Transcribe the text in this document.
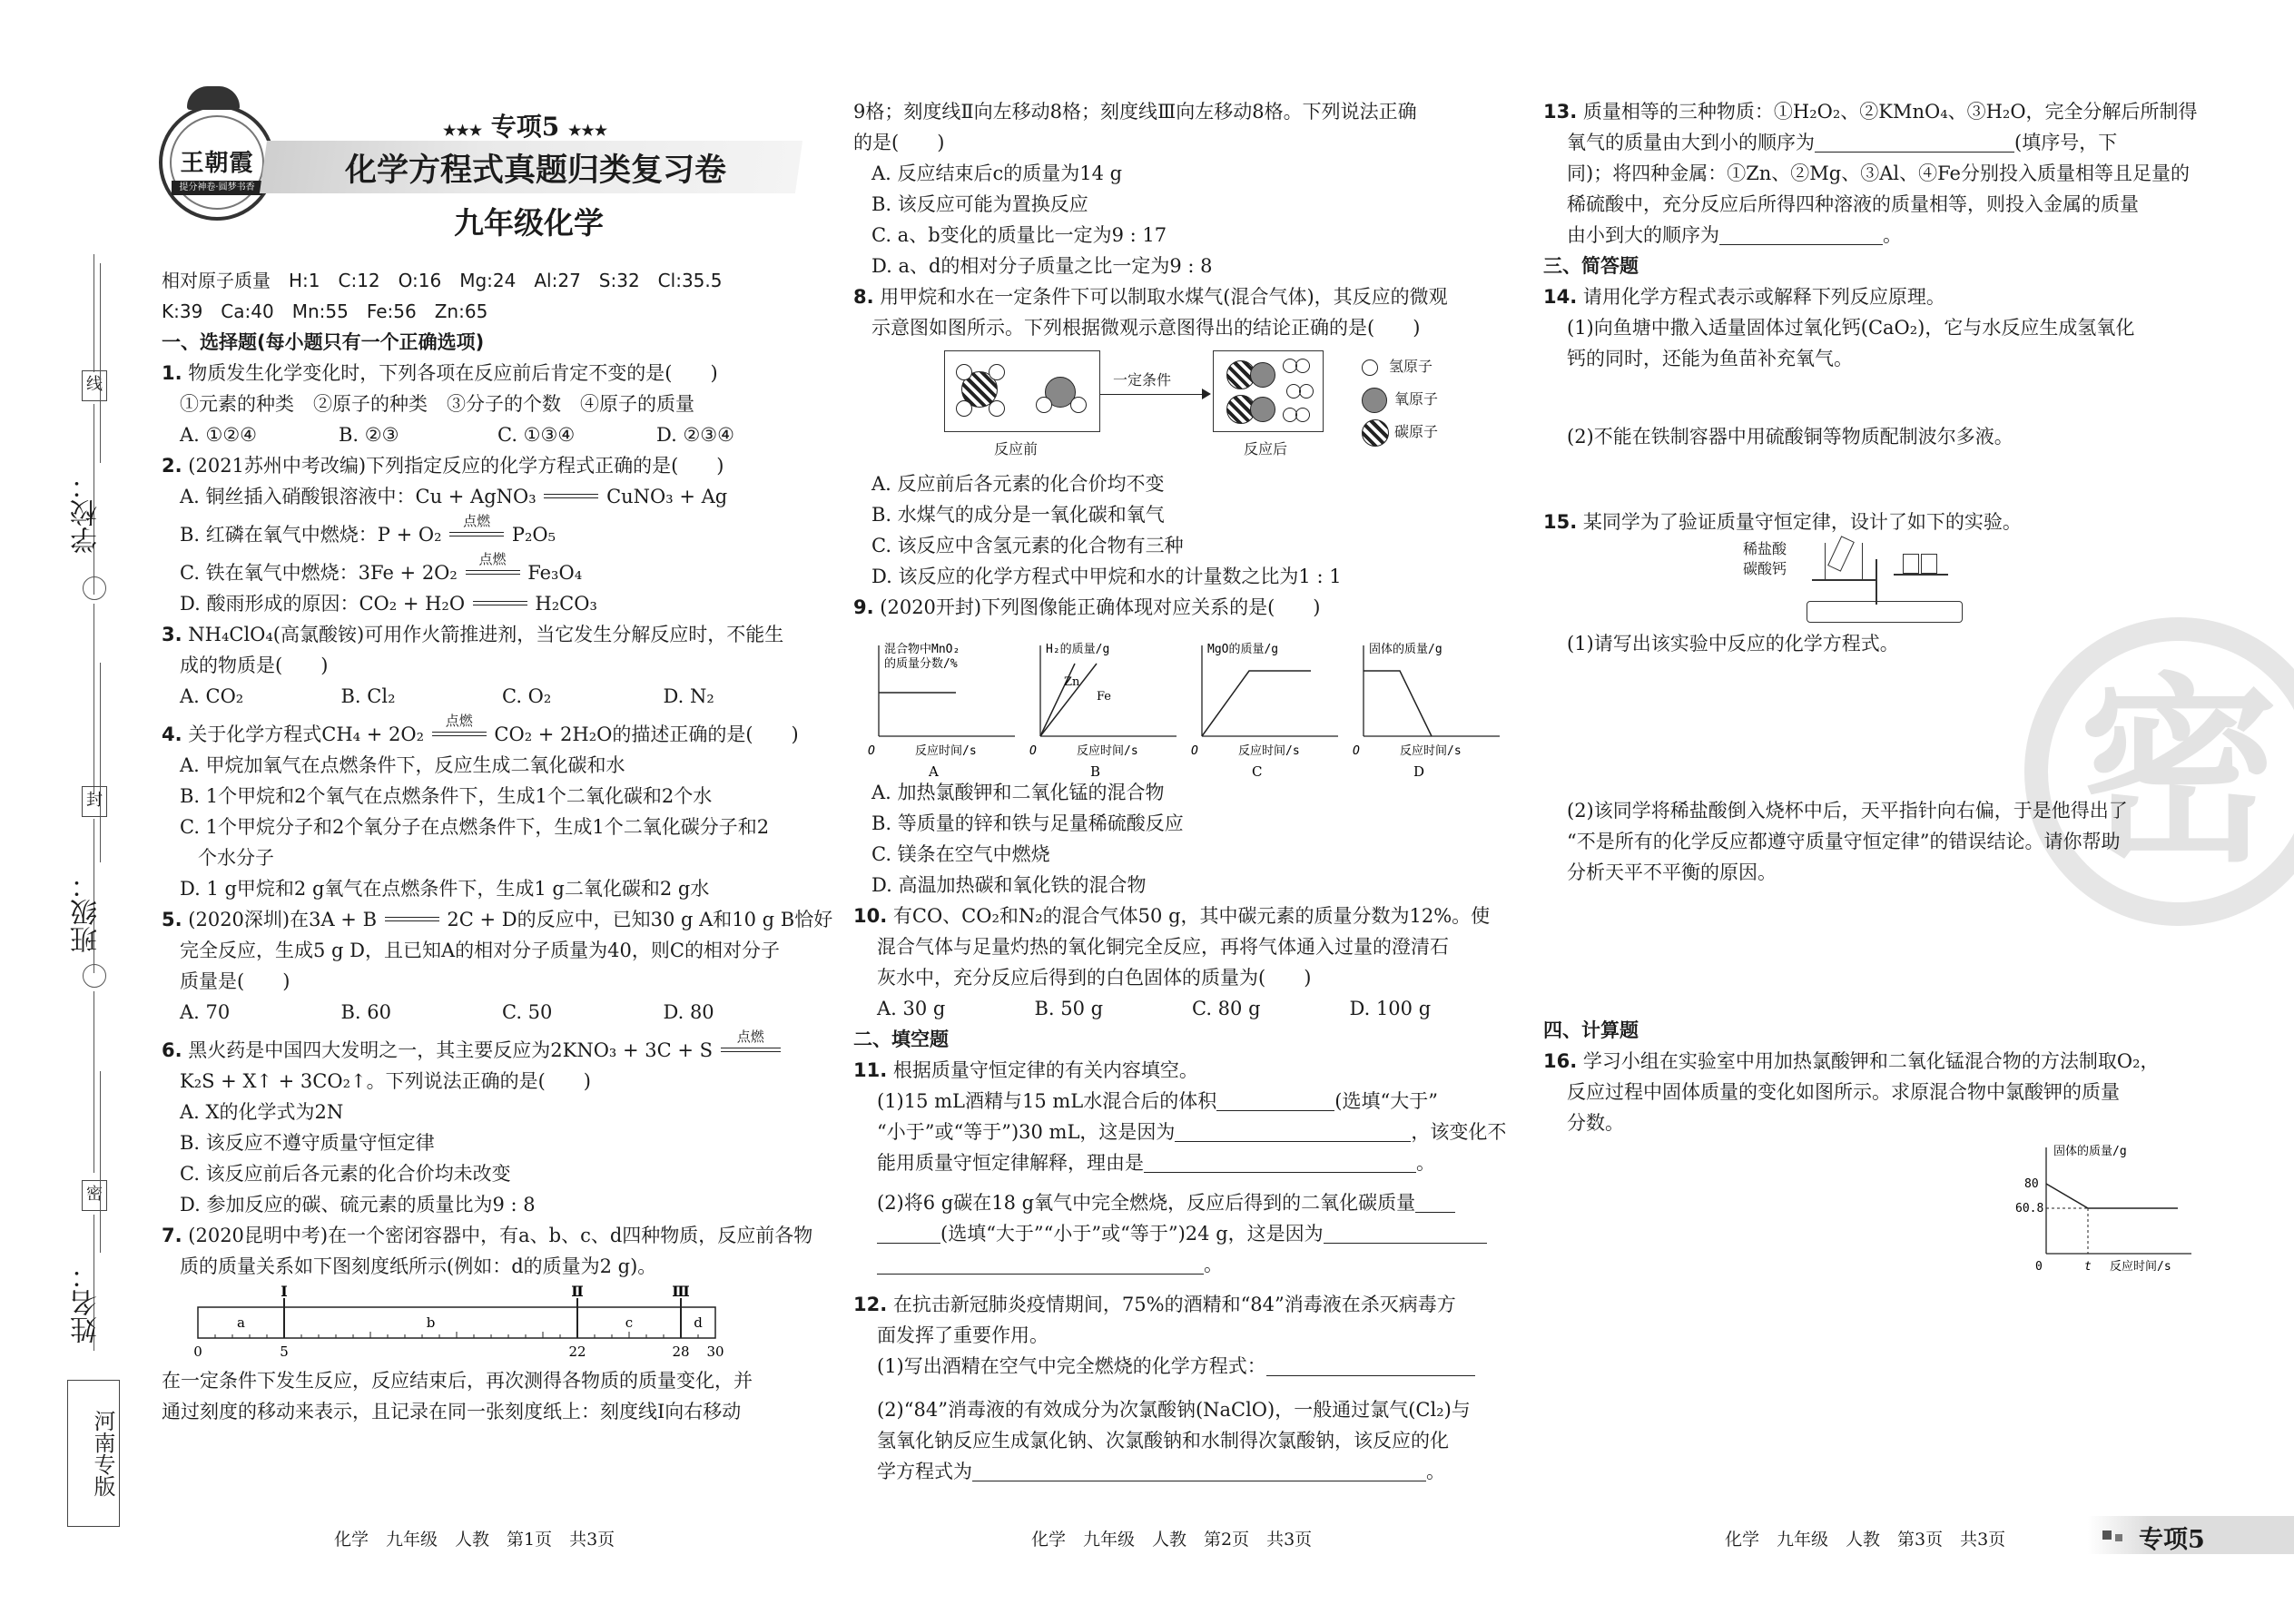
线
封
密
河南专版
学校：
班级：
姓名：
王朝霞
提分神卷·圆梦书香
★★★ 专项5 ★★★
化学方程式真题归类复习卷
九年级化学
相对原子质量　H:1　C:12　O:16　Mg:24　Al:27　S:32　Cl:35.5
K:39　Ca:40　Mn:55　Fe:56　Zn:65
一、选择题(每小题只有一个正确选项)
1. 物质发生化学变化时，下列各项在反应前后肯定不变的是(　　)
①元素的种类　②原子的种类　③分子的个数　④原子的质量
A. ①②④	B. ②③	C. ①③④	D. ②③④
2. (2021苏州中考改编)下列指定反应的化学方程式正确的是(　　)
A. 铜丝插入硝酸银溶液中：Cu + AgNO₃	CuNO₃ + Ag
B. 红磷在氧气中燃烧：P + O₂
点燃
P₂O₅
C. 铁在氧气中燃烧：3Fe + 2O₂
点燃
Fe₃O₄
D. 酸雨形成的原因：CO₂ + H₂O	H₂CO₃
3. NH₄ClO₄(高氯酸铵)可用作火箭推进剂，当它发生分解反应时，不能生
成的物质是(　　)
A. CO₂	B. Cl₂	C. O₂	D. N₂
4. 关于化学方程式CH₄ + 2O₂
点燃
CO₂ + 2H₂O的描述正确的是(　　)
A. 甲烷加氧气在点燃条件下，反应生成二氧化碳和水
B. 1个甲烷和2个氧气在点燃条件下，生成1个二氧化碳和2个水
C. 1个甲烷分子和2个氧分子在点燃条件下，生成1个二氧化碳分子和2
个水分子
D. 1 g甲烷和2 g氧气在点燃条件下，生成1 g二氧化碳和2 g水
5. (2020深圳)在3A + B	2C + D的反应中，已知30 g A和10 g B恰好
完全反应，生成5 g D，且已知A的相对分子质量为40，则C的相对分子
质量是(　　)
A. 70	B. 60	C. 50	D. 80
6. 黑火药是中国四大发明之一，其主要反应为2KNO₃ + 3C + S
点燃
K₂S + X↑ + 3CO₂↑。下列说法正确的是(　　)
A. X的化学式为2N
B. 该反应不遵守质量守恒定律
C. 该反应前后各元素的化合价均未改变
D. 参加反应的碳、硫元素的质量比为9 : 8
7. (2020昆明中考)在一个密闭容器中，有a、b、c、d四种物质，反应前各物
质的质量关系如下图刻度纸所示(例如：d的质量为2 g)。
Ⅰ	Ⅱ	Ⅲ
a	b	c	d
0	5	22	28 30
在一定条件下发生反应，反应结束后，再次测得各物质的质量变化，并
通过刻度的移动来表示，且记录在同一张刻度纸上：刻度线Ⅰ向右移动
9格；刻度线Ⅱ向左移动8格；刻度线Ⅲ向左移动8格。下列说法正确
的是(　　)
A. 反应结束后c的质量为14 g
B. 该反应可能为置换反应
C. a、b变化的质量比一定为9 : 17
D. a、d的相对分子质量之比一定为9 : 8
8. 用甲烷和水在一定条件下可以制取水煤气(混合气体)，其反应的微观
示意图如图所示。下列根据微观示意图得出的结论正确的是(　　)
一定条件
反应前	反应后
氢原子
氧原子
碳原子
A. 反应前后各元素的化合价均不变
B. 水煤气的成分是一氧化碳和氧气
C. 该反应中含氢元素的化合物有三种
D. 该反应的化学方程式中甲烷和水的计量数之比为1 : 1
9. (2020开封)下列图像能正确体现对应关系的是(　　)
混合物中MnO₂
的质量分数/%
反应时间/s
O
A
H₂的质量/g
反应时间/s
O
B
MgO的质量/g
反应时间/s
O
C
固体的质量/g
反应时间/s
O
D
Zn
Fe
A. 加热氯酸钾和二氧化锰的混合物
B. 等质量的锌和铁与足量稀硫酸反应
C. 镁条在空气中燃烧
D. 高温加热碳和氧化铁的混合物
10. 有CO、CO₂和N₂的混合气体50 g，其中碳元素的质量分数为12%。使
混合气体与足量灼热的氧化铜完全反应，再将气体通入过量的澄清石
灰水中，充分反应后得到的白色固体的质量为(　　)
A. 30 g	B. 50 g	C. 80 g	D. 100 g
二、填空题
11. 根据质量守恒定律的有关内容填空。
(1)15 mL酒精与15 mL水混合后的体积	(选填“大于”
“小于”或“等于”)30 mL，这是因为	，该变化不
能用质量守恒定律解释，理由是	。
(2)将6 g碳在18 g氧气中完全燃烧，反应后得到的二氧化碳质量
(选填“大于”“小于”或“等于”)24 g，这是因为
。
12. 在抗击新冠肺炎疫情期间，75%的酒精和“84”消毒液在杀灭病毒方
面发挥了重要作用。
(1)写出酒精在空气中完全燃烧的化学方程式：
(2)“84”消毒液的有效成分为次氯酸钠(NaClO)，一般通过氯气(Cl₂)与
氢氧化钠反应生成氯化钠、次氯酸钠和水制得次氯酸钠，该反应的化
学方程式为	。
密
13. 质量相等的三种物质：①H₂O₂、②KMnO₄、③H₂O，完全分解后所制得
氧气的质量由大到小的顺序为	(填序号，下
同)；将四种金属：①Zn、②Mg、③Al、④Fe分别投入质量相等且足量的
稀硫酸中，充分反应后所得四种溶液的质量相等，则投入金属的质量
由小到大的顺序为	。
三、简答题
14. 请用化学方程式表示或解释下列反应原理。
(1)向鱼塘中撒入适量固体过氧化钙(CaO₂)，它与水反应生成氢氧化
钙的同时，还能为鱼苗补充氧气。
(2)不能在铁制容器中用硫酸铜等物质配制波尔多液。
15. 某同学为了验证质量守恒定律，设计了如下的实验。
稀盐酸
碳酸钙
(1)请写出该实验中反应的化学方程式。
(2)该同学将稀盐酸倒入烧杯中后，天平指针向右偏，于是他得出了
“不是所有的化学反应都遵守质量守恒定律”的错误结论。请你帮助
分析天平不平衡的原因。
四、计算题
16. 学习小组在实验室中用加热氯酸钾和二氧化锰混合物的方法制取O₂，
反应过程中固体质量的变化如图所示。求原混合物中氯酸钾的质量
分数。
固体的质量/g
反应时间/s
0	t
80
60.8
化学　九年级　人教　第1页　共3页	化学　九年级　人教　第2页　共3页	化学　九年级　人教　第3页　共3页	专项5
